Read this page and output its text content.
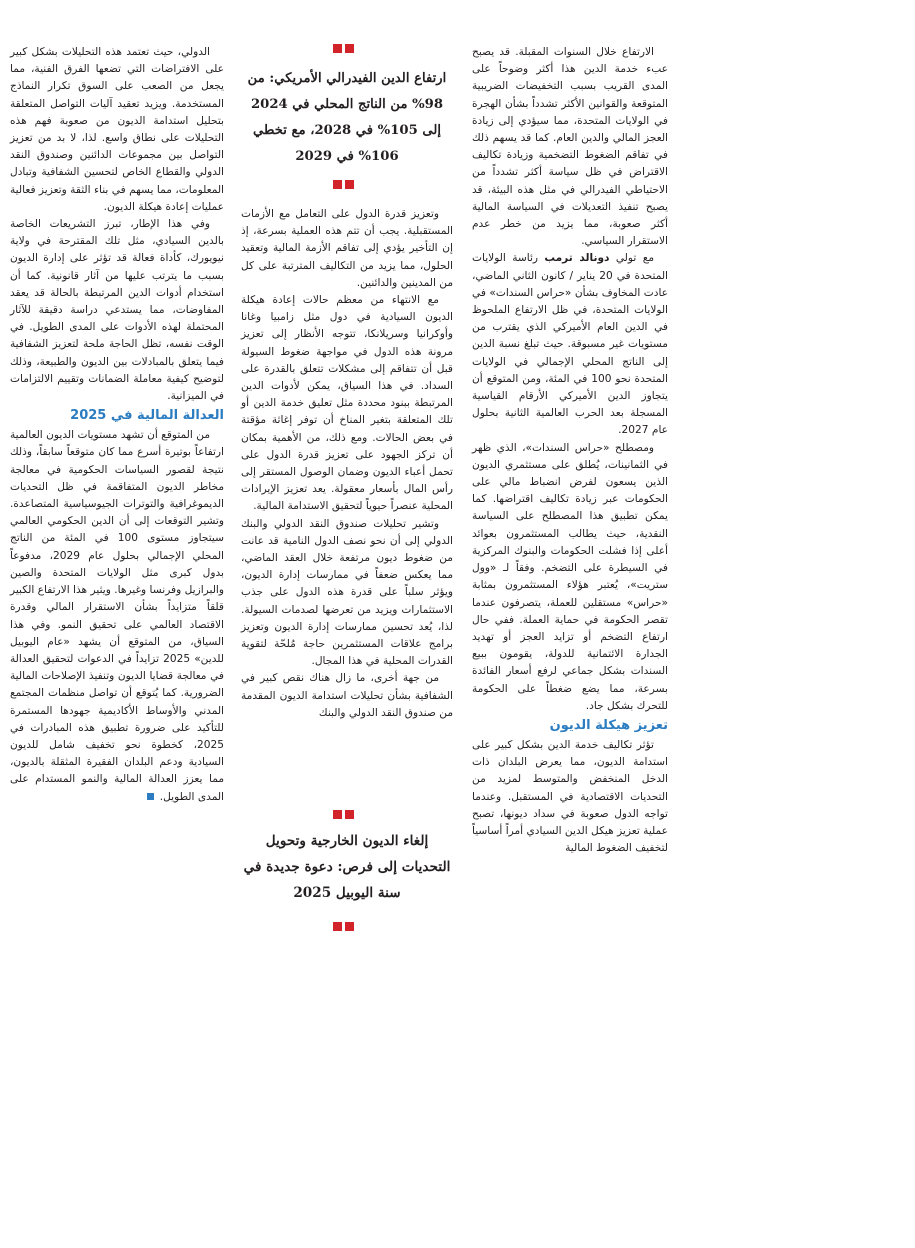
الارتفاع خلال السنوات المقبلة. قد يصبح عبء خدمة الدين هذا أكثر وضوحاً على المدى القريب بسبب التخفيضات الضريبية المتوقعة والقوانين الأكثر تشدداً بشأن الهجرة في الولايات المتحدة، مما سيؤدي إلى زيادة العجز المالي والدين العام. كما قد يسهم ذلك في تفاقم الضغوط التضخمية وزيادة تكاليف الاقتراض في ظل سياسة أكثر تشدداً من الاحتياطي الفيدرالي في مثل هذه البيئة، قد يصبح تنفيذ التعديلات في السياسة المالية أكثر صعوبة، مما يزيد من خطر عدم الاستقرار السياسي.

مع تولي دونالد ترمب رئاسة الولايات المتحدة في 20 يناير / كانون الثاني الماضي، عادت المخاوف بشأن «حراس السندات» في الولايات المتحدة، في ظل الارتفاع الملحوظ في الدين العام الأميركي الذي يقترب من مستويات غير مسبوقة. حيث تبلغ نسبة الدين إلى الناتج المحلي الإجمالي في الولايات المتحدة نحو 100 في المئة، ومن المتوقع أن يتجاوز الدين الأميركي الأرقام القياسية المسجلة بعد الحرب العالمية الثانية بحلول عام 2027.

ومصطلح «حراس السندات»، الذي ظهر في الثمانينات، يُطلق على مستثمري الديون الذين يسعون لفرض انضباط مالي على الحكومات عبر زيادة تكاليف اقتراضها. كما يمكن تطبيق هذا المصطلح على السياسة النقدية، حيث يطالب المستثمرون بعوائد أعلى إذا فشلت الحكومات والبنوك المركزية في السيطرة على التضخم. وفقاً لـ «وول ستريت»، يُعتبر هؤلاء المستثمرون بمثابة «حراس» مستقلين للعملة، يتصرفون عندما تقصر الحكومة في حماية العملة. ففي حال ارتفاع التضخم أو تزايد العجز أو تهديد الجدارة الائتمانية للدولة، يقومون ببيع السندات بشكل جماعي لرفع أسعار الفائدة بسرعة، مما يضع ضغطاً على الحكومة للتحرك بشكل جاد.

تعزيز هيكلة الديون

تؤثر تكاليف خدمة الدين بشكل كبير على استدامة الديون، مما يعرض البلدان ذات الدخل المنخفض والمتوسط لمزيد من التحديات الاقتصادية في المستقبل. وعندما تواجه الدول صعوبة في سداد ديونها، تصبح عملية تعزيز هيكل الدين السيادي أمراً أساسياً لتخفيف الضغوط المالية

ارتفاع الدين الفيدرالي الأمريكي: من 98% من الناتج المحلي في 2024 إلى 105% في 2028، مع تخطي 106% في 2029

وتعزيز قدرة الدول على التعامل مع الأزمات المستقبلية. يجب أن تتم هذه العملية بسرعة، إذ إن التأخير يؤدي إلى تفاقم الأزمة المالية وتعقيد الحلول، مما يزيد من التكاليف المترتبة على كل من المدينين والدائنين.

مع الانتهاء من معظم حالات إعادة هيكلة الديون السيادية في دول مثل زامبيا وغانا وأوكرانيا وسريلانكا، تتوجه الأنظار إلى تعزيز مرونة هذه الدول في مواجهة ضغوط السيولة قبل أن تتفاقم إلى مشكلات تتعلق بالقدرة على السداد. في هذا السياق، يمكن لأدوات الدين المرتبطة ببنود محددة مثل تعليق خدمة الدين أو تلك المتعلقة بتغير المناخ أن توفر إغاثة مؤقتة في بعض الحالات. ومع ذلك، من الأهمية بمكان أن تركز الجهود على تعزيز قدرة الدول على تحمل أعباء الديون وضمان الوصول المستقر إلى رأس المال بأسعار معقولة. يعد تعزيز الإيرادات المحلية عنصراً حيوياً لتحقيق الاستدامة المالية.

وتشير تحليلات صندوق النقد الدولي والبنك الدولي إلى أن نحو نصف الدول النامية قد عانت من ضغوط ديون مرتفعة خلال العقد الماضي، مما يعكس ضعفاً في ممارسات إدارة الديون، ويؤثر سلباً على قدرة هذه الدول على جذب الاستثمارات ويزيد من تعرضها لصدمات السيولة. لذا، يُعد تحسين ممارسات إدارة الديون وتعزيز برامج علاقات المستثمرين حاجة مُلحّة لتقوية القدرات المحلية في هذا المجال.

من جهة أخرى، ما زال هناك نقص كبير في الشفافية بشأن تحليلات استدامة الديون المقدمة من صندوق النقد الدولي والبنك

إلغاء الديون الخارجية وتحويل التحديات إلى فرص: دعوة جديدة في سنة اليوبيل 2025

الدولي، حيث تعتمد هذه التحليلات بشكل كبير على الافتراضات التي تضعها الفرق الفنية، مما يجعل من الصعب على السوق تكرار النماذج المستخدمة. ويزيد تعقيد آليات التواصل المتعلقة بتحليل استدامة الديون من صعوبة فهم هذه التحليلات على نطاق واسع. لذا، لا بد من تعزيز التواصل بين مجموعات الدائنين وصندوق النقد الدولي والقطاع الخاص لتحسين الشفافية وتبادل المعلومات، مما يسهم في بناء الثقة وتعزيز فعالية عمليات إعادة هيكلة الديون.

وفي هذا الإطار، تبرز التشريعات الخاصة بالدين السيادي، مثل تلك المقترحة في ولاية نيويورك، كأداة فعالة قد تؤثر على إدارة الديون بسبب ما يترتب عليها من آثار قانونية. كما أن استخدام أدوات الدين المرتبطة بالحالة قد يعقد المفاوضات، مما يستدعي دراسة دقيقة للآثار المحتملة لهذه الأدوات على المدى الطويل. في الوقت نفسه، تظل الحاجة ملحة لتعزيز الشفافية فيما يتعلق بالمبادلات بين الديون والطبيعة، وذلك لتوضيح كيفية معاملة الضمانات وتقييم الالتزامات في الميزانية.

العدالة المالية في 2025

من المتوقع أن تشهد مستويات الديون العالمية ارتفاعاً بوتيرة أسرع مما كان متوقعاً سابقاً، وذلك نتيجة لقصور السياسات الحكومية في معالجة مخاطر الديون المتفاقمة في ظل التحديات الديموغرافية والتوترات الجيوسياسية المتصاعدة. وتشير التوقعات إلى أن الدين الحكومي العالمي سيتجاوز مستوى 100 في المئة من الناتج المحلي الإجمالي بحلول عام 2029، مدفوعاً بدول كبرى مثل الولايات المتحدة والصين والبرازيل وفرنسا وغيرها. ويثير هذا الارتفاع الكبير قلقاً متزايداً بشأن الاستقرار المالي وقدرة الاقتصاد العالمي على تحقيق النمو. وفي هذا السياق، من المتوقع أن يشهد «عام اليوبيل للدين» 2025 تزايداً في الدعوات لتحقيق العدالة في معالجة قضايا الديون وتنفيذ الإصلاحات المالية الضرورية. كما يُتوقع أن تواصل منظمات المجتمع المدني والأوساط الأكاديمية جهودها المستمرة للتأكيد على ضرورة تطبيق هذه المبادرات في 2025، كخطوة نحو تخفيف شامل للديون السيادية ودعم البلدان الفقيرة المثقلة بالديون، مما يعزز العدالة المالية والنمو المستدام على المدى الطويل.
